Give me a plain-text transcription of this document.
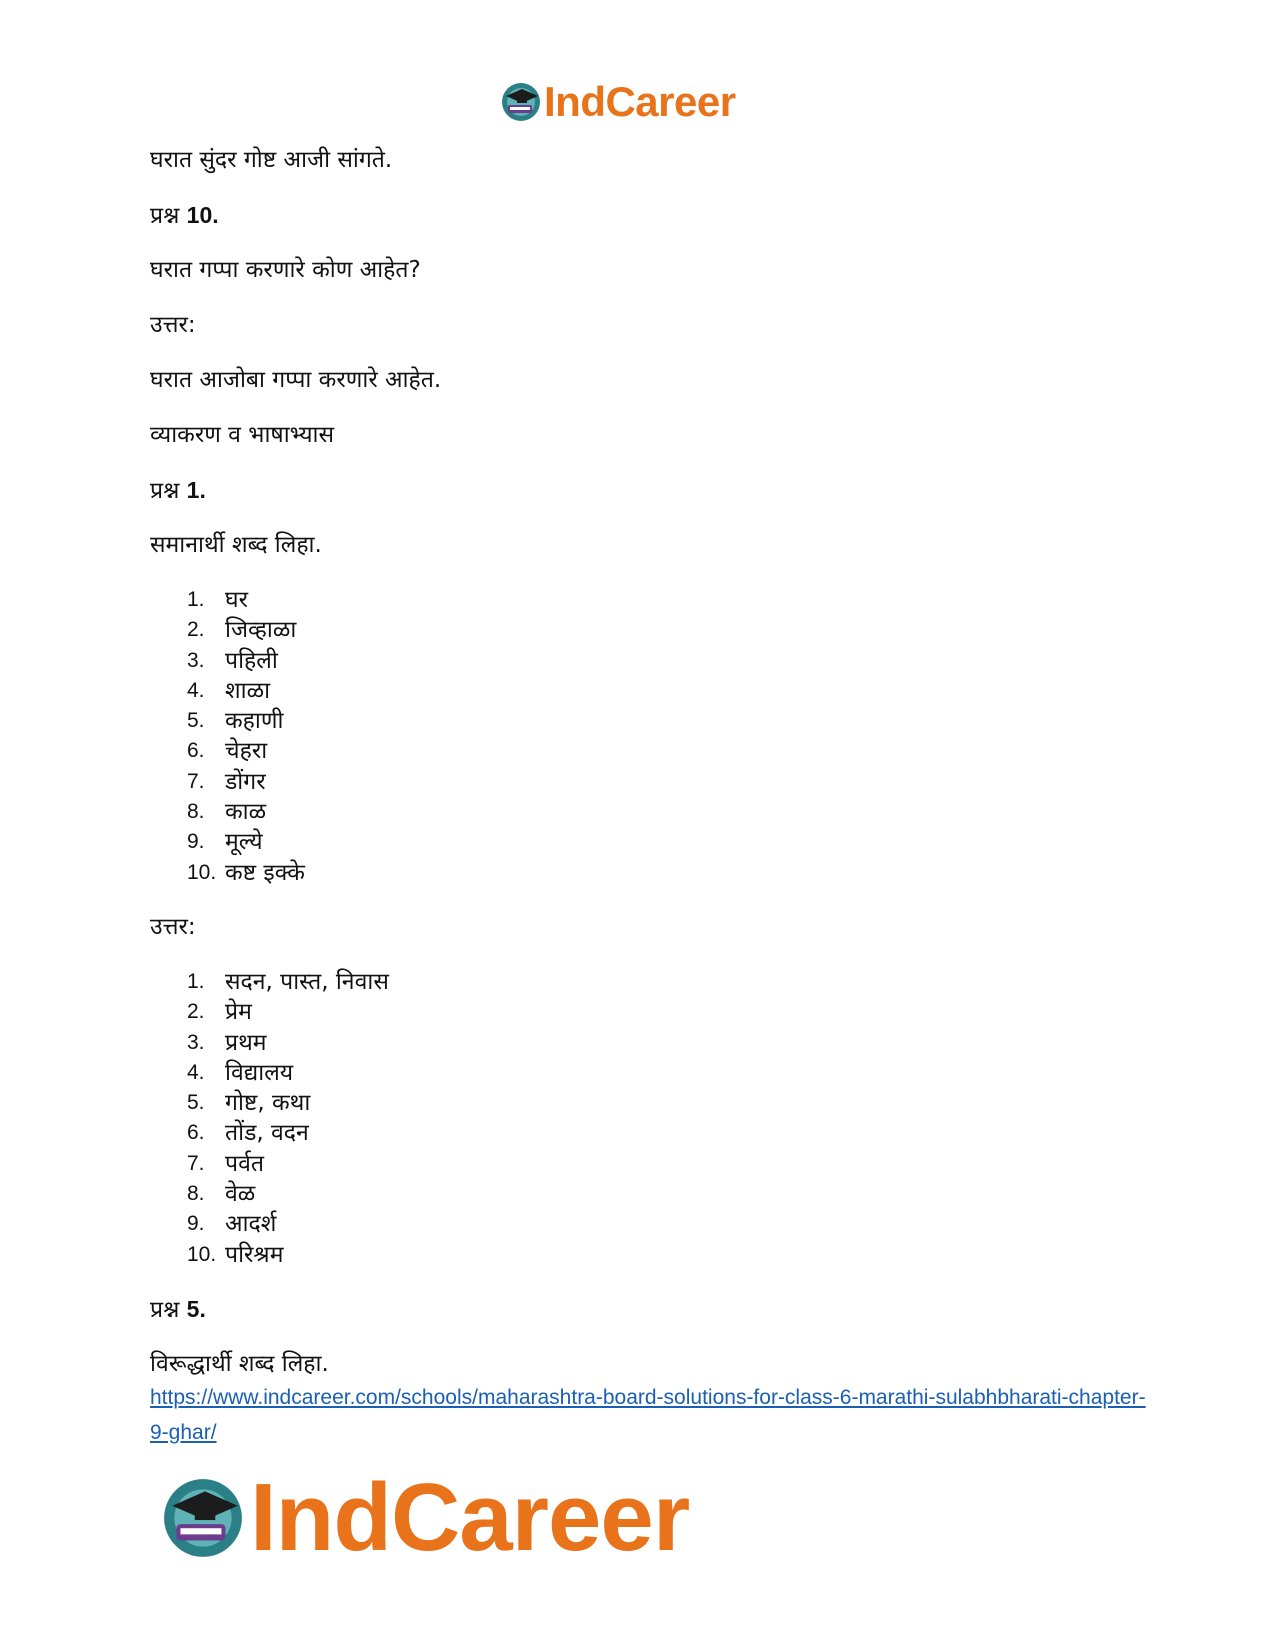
IndCareer

घरात सुंदर गोष्ट आजी सांगते.

प्रश्न 10.

घरात गप्पा करणारे कोण आहेत?

उत्तर:

घरात आजोबा गप्पा करणारे आहेत.

व्याकरण व भाषाभ्यास

प्रश्न 1.

समानार्थी शब्द लिहा.

1. घर
2. जिव्हाळा
3. पहिली
4. शाळा
5. कहाणी
6. चेहरा
7. डोंगर
8. काळ
9. मूल्ये
10. कष्ट इक्के

उत्तर:

1. सदन, पास्त, निवास
2. प्रेम
3. प्रथम
4. विद्यालय
5. गोष्ट, कथा
6. तोंड, वदन
7. पर्वत
8. वेळ
9. आदर्श
10. परिश्रम

प्रश्न 5.

विरूद्धार्थी शब्द लिहा.

https://www.indcareer.com/schools/maharashtra-board-solutions-for-class-6-marathi-sulabhbharati-chapter-9-ghar/
IndCareer
